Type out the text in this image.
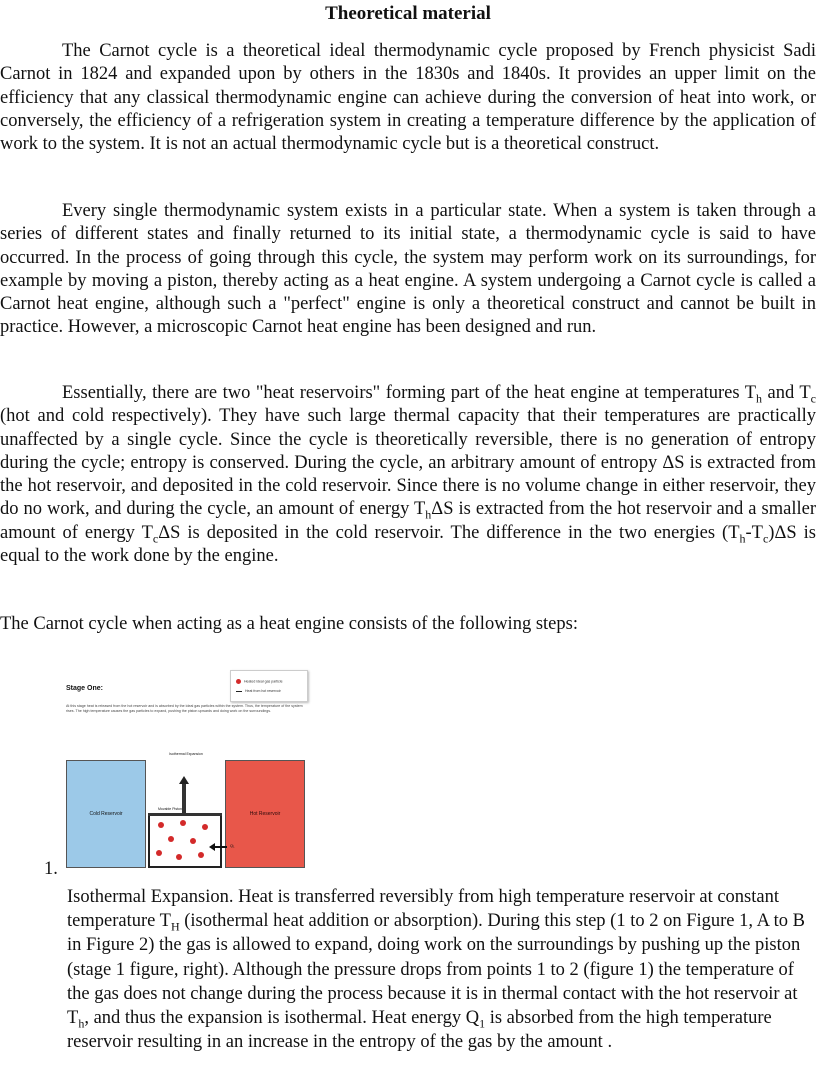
Theoretical material

The Carnot cycle is a theoretical ideal thermodynamic cycle proposed by French physicist Sadi Carnot in 1824 and expanded upon by others in the 1830s and 1840s. It provides an upper limit on the efficiency that any classical thermodynamic engine can achieve during the conversion of heat into work, or conversely, the efficiency of a refrigeration system in creating a temperature difference by the application of work to the system. It is not an actual thermodynamic cycle but is a theoretical construct.

Every single thermodynamic system exists in a particular state. When a system is taken through a series of different states and finally returned to its initial state, a thermodynamic cycle is said to have occurred. In the process of going through this cycle, the system may perform work on its surroundings, for example by moving a piston, thereby acting as a heat engine. A system undergoing a Carnot cycle is called a Carnot heat engine, although such a "perfect" engine is only a theoretical construct and cannot be built in practice. However, a microscopic Carnot heat engine has been designed and run.

Essentially, there are two "heat reservoirs" forming part of the heat engine at temperatures $T_h$ and $T_c$ (hot and cold respectively). They have such large thermal capacity that their temperatures are practically unaffected by a single cycle. Since the cycle is theoretically reversible, there is no generation of entropy during the cycle; entropy is conserved. During the cycle, an arbitrary amount of entropy ΔS is extracted from the hot reservoir, and deposited in the cold reservoir. Since there is no volume change in either reservoir, they do no work, and during the cycle, an amount of energy $T_h\Delta S$ is extracted from the hot reservoir and a smaller amount of energy $T_c\Delta S$ is deposited in the cold reservoir. The difference in the two energies $(T_h-T_c)\Delta S$ is equal to the work done by the engine.

The Carnot cycle when acting as a heat engine consists of the following steps:

Stage One:
Heated ideal gas particle
Heat from hot reservoir
At this stage heat is released from the hot reservoir and is absorbed by the ideal gas particles within the system. Thus, the temperature of the system rises. The high temperature causes the gas particles to expand, pushing the piston upwards and doing work on the surroundings.
Isothermal Expansion
Cold Reservoir	Hot Reservoir
Movable Piston
Q₁
1.

Isothermal Expansion. Heat is transferred reversibly from high temperature reservoir at constant temperature $T_H$ (isothermal heat addition or absorption). During this step (1 to 2 on Figure 1, A to B in Figure 2) the gas is allowed to expand, doing work on the surroundings by pushing up the piston (stage 1 figure, right). Although the pressure drops from points 1 to 2 (figure 1) the temperature of the gas does not change during the process because it is in thermal contact with the hot reservoir at $T_h$, and thus the expansion is isothermal. Heat energy $Q_1$ is absorbed from the high temperature reservoir resulting in an increase in the entropy of the gas by the amount .
